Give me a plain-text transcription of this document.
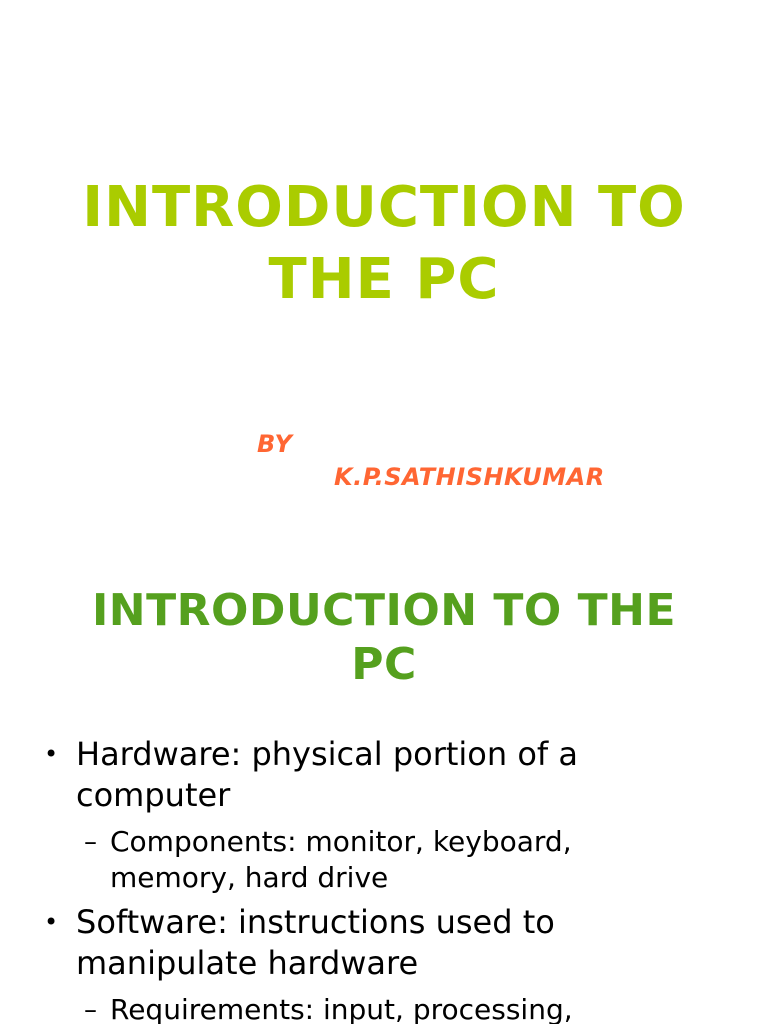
INTRODUCTION TO
THE PC
BY
K.P.SATHISHKUMAR
INTRODUCTION TO THE
PC
• Hardware: physical portion of a
computer
– Components: monitor, keyboard,
memory, hard drive
• Software: instructions used to
manipulate hardware
– Requirements: input, processing,
